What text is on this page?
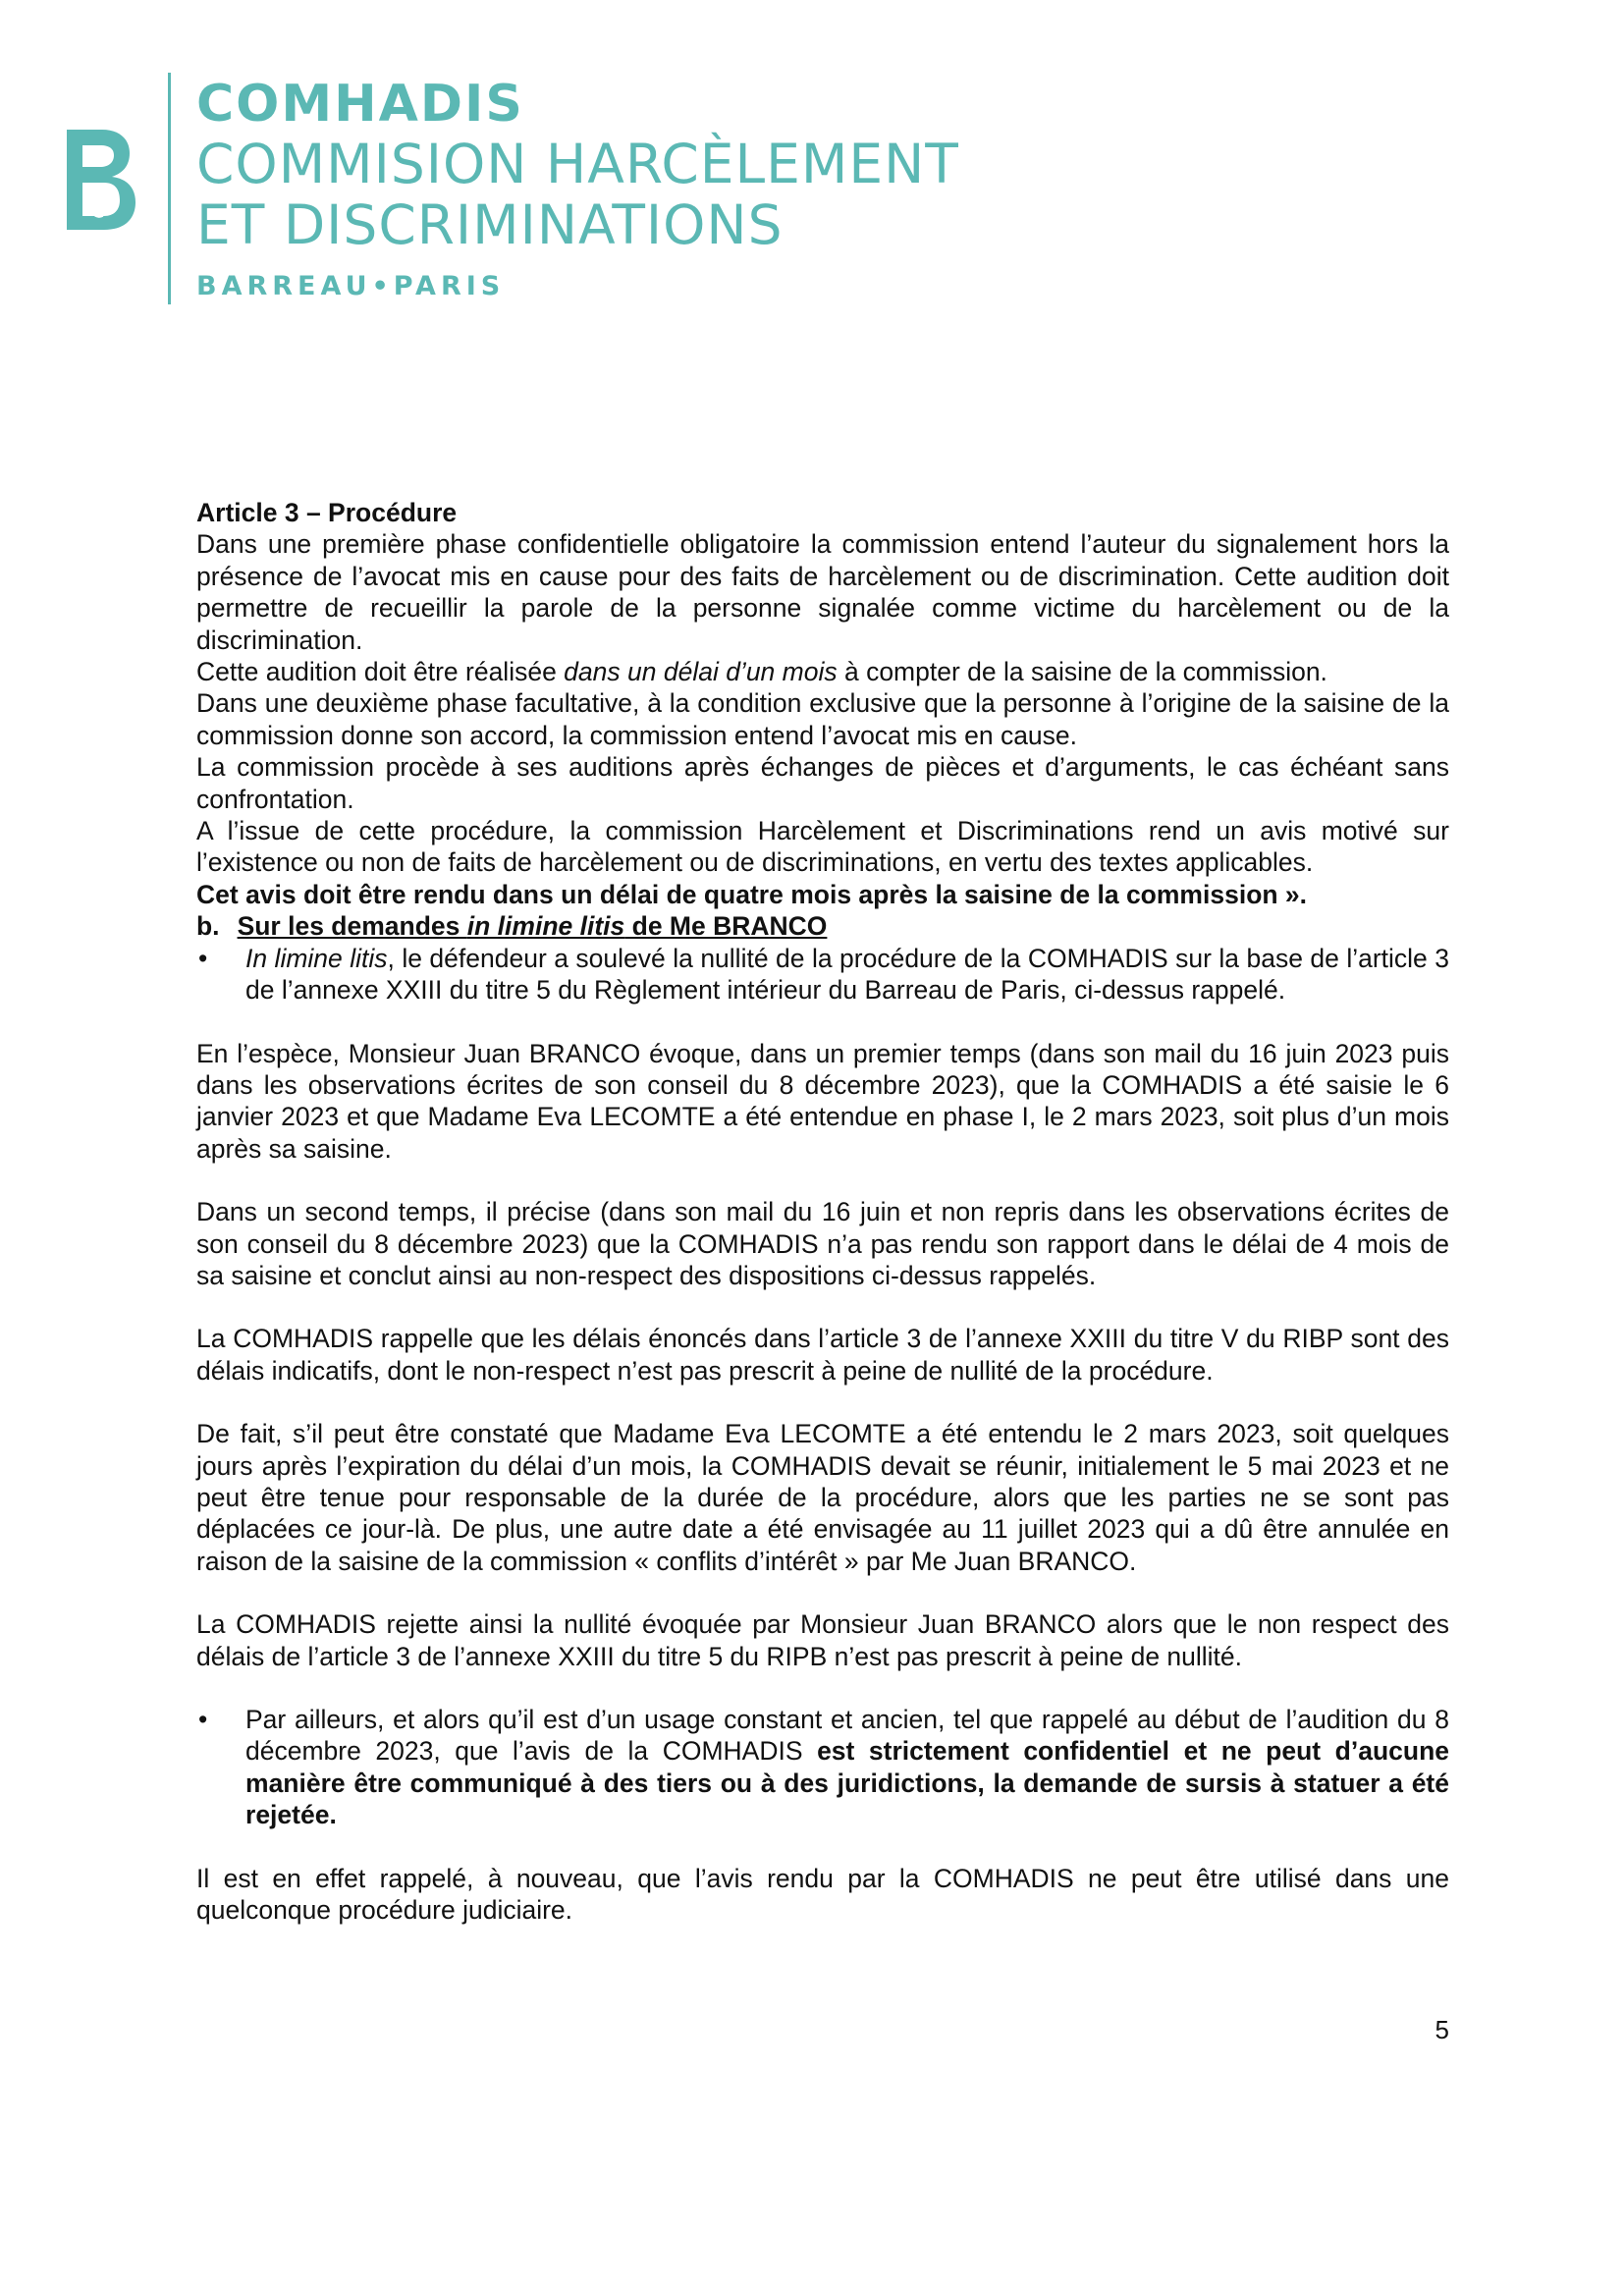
COMHADIS
COMMISION HARCÈLEMENT
ET DISCRIMINATIONS
BARREAU•PARIS

Article 3 – Procédure

Dans une première phase confidentielle obligatoire la commission entend l’auteur du signalement hors la présence de l’avocat mis en cause pour des faits de harcèlement ou de discrimination. Cette audition doit permettre de recueillir la parole de la personne signalée comme victime du harcèlement ou de la discrimination.

Cette audition doit être réalisée dans un délai d’un mois à compter de la saisine de la commission.

Dans une deuxième phase facultative, à la condition exclusive que la personne à l’origine de la saisine de la commission donne son accord, la commission entend l’avocat mis en cause.

La commission procède à ses auditions après échanges de pièces et d’arguments, le cas échéant sans confrontation.

A l’issue de cette procédure, la commission Harcèlement et Discriminations rend un avis motivé sur l’existence ou non de faits de harcèlement ou de discriminations, en vertu des textes applicables.

Cet avis doit être rendu dans un délai de quatre mois après la saisine de la commission ».

b. Sur les demandes in limine litis de Me BRANCO

• In limine litis, le défendeur a soulevé la nullité de la procédure de la COMHADIS sur la base de l’article 3 de l’annexe XXIII du titre 5 du Règlement intérieur du Barreau de Paris, ci-dessus rappelé.

En l’espèce, Monsieur Juan BRANCO évoque, dans un premier temps (dans son mail du 16 juin 2023 puis dans les observations écrites de son conseil du 8 décembre 2023), que la COMHADIS a été saisie le 6 janvier 2023 et que Madame Eva LECOMTE a été entendue en phase I, le 2 mars 2023, soit plus d’un mois après sa saisine.

Dans un second temps, il précise (dans son mail du 16 juin et non repris dans les observations écrites de son conseil du 8 décembre 2023) que la COMHADIS n’a pas rendu son rapport dans le délai de 4 mois de sa saisine et conclut ainsi au non-respect des dispositions ci-dessus rappelés.

La COMHADIS rappelle que les délais énoncés dans l’article 3 de l’annexe XXIII du titre V du RIBP sont des délais indicatifs, dont le non-respect n’est pas prescrit à peine de nullité de la procédure.

De fait, s’il peut être constaté que Madame Eva LECOMTE a été entendu le 2 mars 2023, soit quelques jours après l’expiration du délai d’un mois, la COMHADIS devait se réunir, initialement le 5 mai 2023 et ne peut être tenue pour responsable de la durée de la procédure, alors que les parties ne se sont pas déplacées ce jour-là. De plus, une autre date a été envisagée au 11 juillet 2023 qui a dû être annulée en raison de la saisine de la commission « conflits d’intérêt » par Me Juan BRANCO.

La COMHADIS rejette ainsi la nullité évoquée par Monsieur Juan BRANCO alors que le non respect des délais de l’article 3 de l’annexe XXIII du titre 5 du RIPB n’est pas prescrit à peine de nullité.

• Par ailleurs, et alors qu’il est d’un usage constant et ancien, tel que rappelé au début de l’audition du 8 décembre 2023, que l’avis de la COMHADIS est strictement confidentiel et ne peut d’aucune manière être communiqué à des tiers ou à des juridictions, la demande de sursis à statuer a été rejetée.

Il est en effet rappelé, à nouveau, que l’avis rendu par la COMHADIS ne peut être utilisé dans une quelconque procédure judiciaire.

5
